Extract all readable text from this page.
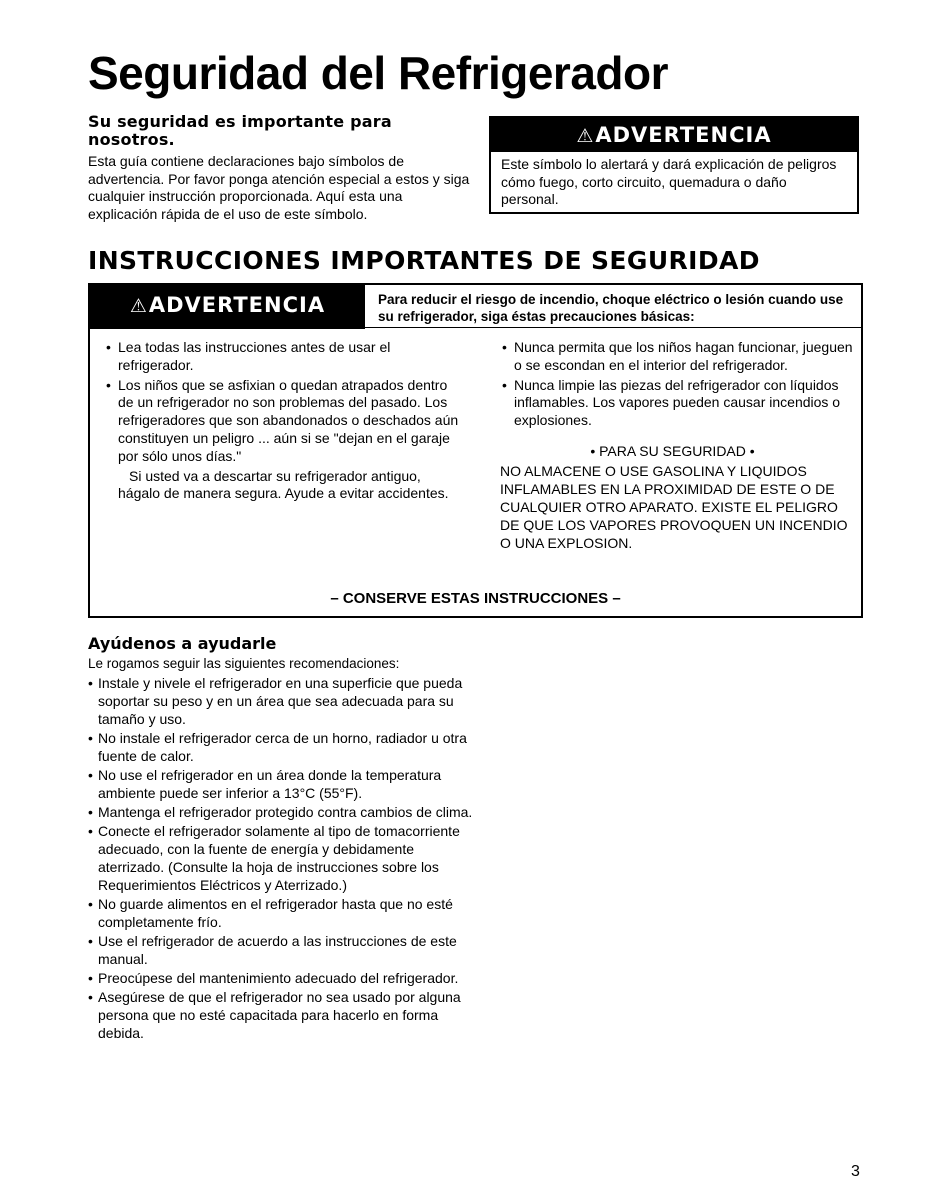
Seguridad del Refrigerador

Su seguridad es importante para nosotros.

Esta guía contiene declaraciones bajo símbolos de advertencia. Por favor ponga atención especial a estos y siga cualquier instrucción proporcionada. Aquí esta una explicación rápida de el uso de este símbolo.

⚠ADVERTENCIA
Este símbolo lo alertará y dará explicación de peligros cómo fuego, corto circuito, quemadura o daño personal.
INSTRUCCIONES IMPORTANTES DE SEGURIDAD
⚠ADVERTENCIA	Para reducir el riesgo de incendio, choque eléctrico o lesión cuando use su refrigerador, siga éstas precauciones básicas:
• Lea todas las instrucciones antes de usar el refrigerador.
• Los niños que se asfixian o quedan atrapados dentro de un refrigerador no son problemas del pasado. Los refrigeradores que son abandonados o deschados aún constituyen un peligro ... aún si se "dejan en el garaje por sólo unos días."

Si usted va a descartar su refrigerador antiguo, hágalo de manera segura. Ayude a evitar accidentes.

• Nunca permita que los niños hagan funcionar, jueguen o se escondan en el interior del refrigerador.
• Nunca limpie las piezas del refrigerador con líquidos inflamables. Los vapores pueden causar incendios o explosiones.

• PARA SU SEGURIDAD •

NO ALMACENE O USE GASOLINA Y LIQUIDOS INFLAMABLES EN LA PROXIMIDAD DE ESTE O DE CUALQUIER OTRO APARATO. EXISTE EL PELIGRO DE QUE LOS VAPORES PROVOQUEN UN INCENDIO O UNA EXPLOSION.

– CONSERVE ESTAS INSTRUCCIONES –

Ayúdenos a ayudarle

Le rogamos seguir las siguientes recomendaciones:

• Instale y nivele el refrigerador en una superficie que pueda soportar su peso y en un área que sea adecuada para su tamaño y uso.
• No instale el refrigerador cerca de un horno, radiador u otra fuente de calor.
• No use el refrigerador en un área donde la temperatura ambiente puede ser inferior a 13°C (55°F).
• Mantenga el refrigerador protegido contra cambios de clima.
• Conecte el refrigerador solamente al tipo de tomacorriente adecuado, con la fuente de energía y debidamente aterrizado. (Consulte la hoja de instrucciones sobre los Requerimientos Eléctricos y Aterrizado.)
• No guarde alimentos en el refrigerador hasta que no esté completamente frío.
• Use el refrigerador de acuerdo a las instrucciones de este manual.
• Preocúpese del mantenimiento adecuado del refrigerador.
• Asegúrese de que el refrigerador no sea usado por alguna persona que no esté capacitada para hacerlo en forma debida.
3
